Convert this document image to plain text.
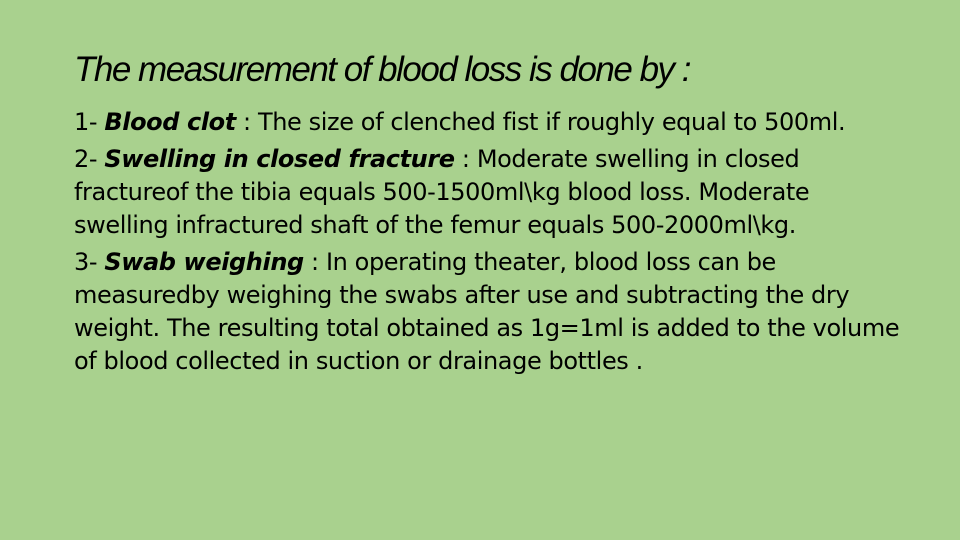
The measurement of blood loss is done by :

1- Blood clot : The size of clenched fist if roughly equal to 500ml.

2- Swelling in closed fracture : Moderate swelling in closed fractureof the tibia equals 500-1500ml\kg blood loss. Moderate swelling infractured shaft of the femur equals 500-2000ml\kg.

3- Swab weighing : In operating theater, blood loss can be measuredby weighing the swabs after use and subtracting the dry weight. The resulting total obtained as 1g=1ml is added to the volume of blood collected in suction or drainage bottles .
